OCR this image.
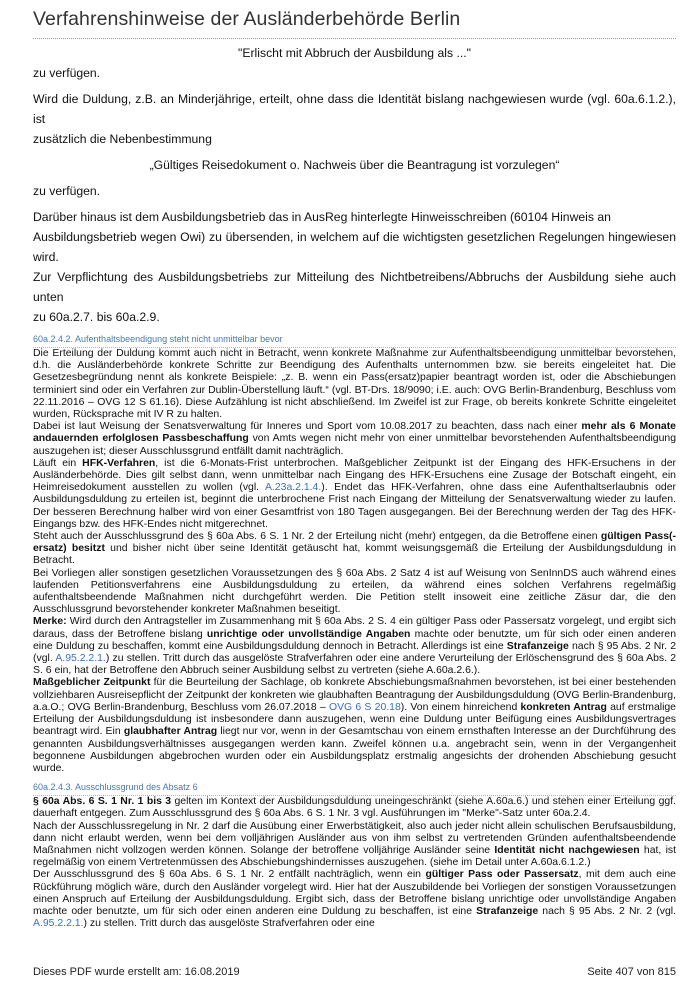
Verfahrenshinweise der Ausländerbehörde Berlin

"Erlischt mit Abbruch der Ausbildung als ..."

zu verfügen.

Wird die Duldung, z.B. an Minderjährige, erteilt, ohne dass die Identität bislang nachgewiesen wurde (vgl. 60a.6.1.2.), ist

zusätzlich die Nebenbestimmung

„Gültiges Reisedokument o. Nachweis über die Beantragung ist vorzulegen“

zu verfügen.

Darüber hinaus ist dem Ausbildungsbetrieb das in AusReg hinterlegte Hinweisschreiben (60104 Hinweis an

Ausbildungsbetrieb wegen Owi) zu übersenden, in welchem auf die wichtigsten gesetzlichen Regelungen hingewiesen wird.

Zur Verpflichtung des Ausbildungsbetriebs zur Mitteilung des Nichtbetreibens/Abbruchs der Ausbildung siehe auch unten

zu 60a.2.7. bis 60a.2.9.

60a.2.4.2. Aufenthaltsbeendigung steht nicht unmittelbar bevor

Die Erteilung der Duldung kommt auch nicht in Betracht, wenn konkrete Maßnahme zur Aufenthaltsbeendigung unmittelbar bevorstehen, d.h. die Ausländerbehörde konkrete Schritte zur Beendigung des Aufenthalts unternommen bzw. sie bereits eingeleitet hat. Die Gesetzesbegründung nennt als konkrete Beispiele: „z. B. wenn ein Pass(ersatz)papier beantragt worden ist, oder die Abschiebungen terminiert sind oder ein Verfahren zur Dublin-Überstellung läuft.“ (vgl. BT-Drs. 18/9090; i.E. auch: OVG Berlin-Brandenburg, Beschluss vom 22.11.2016 – OVG 12 S 61.16). Diese Aufzählung ist nicht abschließend. Im Zweifel ist zur Frage, ob bereits konkrete Schritte eingeleitet wurden, Rücksprache mit IV R zu halten.

Dabei ist laut Weisung der Senatsverwaltung für Inneres und Sport vom 10.08.2017 zu beachten, dass nach einer mehr als 6 Monate andauernden erfolglosen Passbeschaffung von Amts wegen nicht mehr von einer unmittelbar bevorstehenden Aufenthaltsbeendigung auszugehen ist; dieser Ausschlussgrund entfällt damit nachträglich.

Läuft ein HFK-Verfahren, ist die 6-Monats-Frist unterbrochen. Maßgeblicher Zeitpunkt ist der Eingang des HFK-Ersuchens in der Ausländerbehörde. Dies gilt selbst dann, wenn unmittelbar nach Eingang des HFK-Ersuchens eine Zusage der Botschaft eingeht, ein Heimreisedokument ausstellen zu wollen (vgl. A.23a.2.1.4.). Endet das HFK-Verfahren, ohne dass eine Aufenthaltserlaubnis oder Ausbildungsduldung zu erteilen ist, beginnt die unterbrochene Frist nach Eingang der Mitteilung der Senatsverwaltung wieder zu laufen. Der besseren Berechnung halber wird von einer Gesamtfrist von 180 Tagen ausgegangen. Bei der Berechnung werden der Tag des HFK-Eingangs bzw. des HFK-Endes nicht mitgerechnet.

Steht auch der Ausschlussgrund des § 60a Abs. 6 S. 1 Nr. 2 der Erteilung nicht (mehr) entgegen, da die Betroffene einen gültigen Pass(-ersatz) besitzt und bisher nicht über seine Identität getäuscht hat, kommt weisungsgemäß die Erteilung der Ausbildungsduldung in Betracht.

Bei Vorliegen aller sonstigen gesetzlichen Voraussetzungen des § 60a Abs. 2 Satz 4 ist auf Weisung von SenInnDS auch während eines laufenden Petitionsverfahrens eine Ausbildungsduldung zu erteilen, da während eines solchen Verfahrens regelmäßig aufenthaltsbeendende Maßnahmen nicht durchgeführt werden. Die Petition stellt insoweit eine zeitliche Zäsur dar, die den Ausschlussgrund bevorstehender konkreter Maßnahmen beseitigt.

Merke: Wird durch den Antragsteller im Zusammenhang mit § 60a Abs. 2 S. 4 ein gültiger Pass oder Passersatz vorgelegt, und ergibt sich daraus, dass der Betroffene bislang unrichtige oder unvollständige Angaben machte oder benutzte, um für sich oder einen anderen eine Duldung zu beschaffen, kommt eine Ausbildungsduldung dennoch in Betracht. Allerdings ist eine Strafanzeige nach § 95 Abs. 2 Nr. 2 (vgl. A.95.2.2.1.) zu stellen. Tritt durch das ausgelöste Strafverfahren oder eine andere Verurteilung der Erlöschensgrund des § 60a Abs. 2 S. 6 ein, hat der Betroffene den Abbruch seiner Ausbildung selbst zu vertreten (siehe A.60a.2.6.).

Maßgeblicher Zeitpunkt für die Beurteilung der Sachlage, ob konkrete Abschiebungsmaßnahmen bevorstehen, ist bei einer bestehenden vollziehbaren Ausreisepflicht der Zeitpunkt der konkreten wie glaubhaften Beantragung der Ausbildungsduldung (OVG Berlin-Brandenburg, a.a.O.; OVG Berlin-Brandenburg, Beschluss vom 26.07.2018 – OVG 6 S 20.18). Von einem hinreichend konkreten Antrag auf erstmalige Erteilung der Ausbildungsduldung ist insbesondere dann auszugehen, wenn eine Duldung unter Beifügung eines Ausbildungsvertrages beantragt wird. Ein glaubhafter Antrag liegt nur vor, wenn in der Gesamtschau von einem ernsthaften Interesse an der Durchführung des genannten Ausbildungsverhältnisses ausgegangen werden kann. Zweifel können u.a. angebracht sein, wenn in der Vergangenheit begonnene Ausbildungen abgebrochen wurden oder ein Ausbildungsplatz erstmalig angesichts der drohenden Abschiebung gesucht wurde.

60a.2.4.3. Ausschlussgrund des Absatz 6

§ 60a Abs. 6 S. 1 Nr. 1 bis 3 gelten im Kontext der Ausbildungsduldung uneingeschränkt (siehe A.60a.6.) und stehen einer Erteilung ggf. dauerhaft entgegen. Zum Ausschlussgrund des § 60a Abs. 6 S. 1 Nr. 3 vgl. Ausführungen im "Merke"-Satz unter 60a.2.4.

Nach der Ausschlussregelung in Nr. 2 darf die Ausübung einer Erwerbstätigkeit, also auch jeder nicht allein schulischen Berufsausbildung, dann nicht erlaubt werden, wenn bei dem volljährigen Ausländer aus von ihm selbst zu vertretenden Gründen aufenthaltsbeendende Maßnahmen nicht vollzogen werden können. Solange der betroffene volljährige Ausländer seine Identität nicht nachgewiesen hat, ist regelmäßig von einem Vertretenmüssen des Abschiebungshindernisses auszugehen. (siehe im Detail unter A.60a.6.1.2.)

Der Ausschlussgrund des § 60a Abs. 6 S. 1 Nr. 2 entfällt nachträglich, wenn ein gültiger Pass oder Passersatz, mit dem auch eine Rückführung möglich wäre, durch den Ausländer vorgelegt wird. Hier hat der Auszubildende bei Vorliegen der sonstigen Voraussetzungen einen Anspruch auf Erteilung der Ausbildungsduldung. Ergibt sich, dass der Betroffene bislang unrichtige oder unvollständige Angaben machte oder benutzte, um für sich oder einen anderen eine Duldung zu beschaffen, ist eine Strafanzeige nach § 95 Abs. 2 Nr. 2 (vgl. A.95.2.2.1.) zu stellen. Tritt durch das ausgelöste Strafverfahren oder eine

Dieses PDF wurde erstellt am: 16.08.2019	Seite 407 von 815
